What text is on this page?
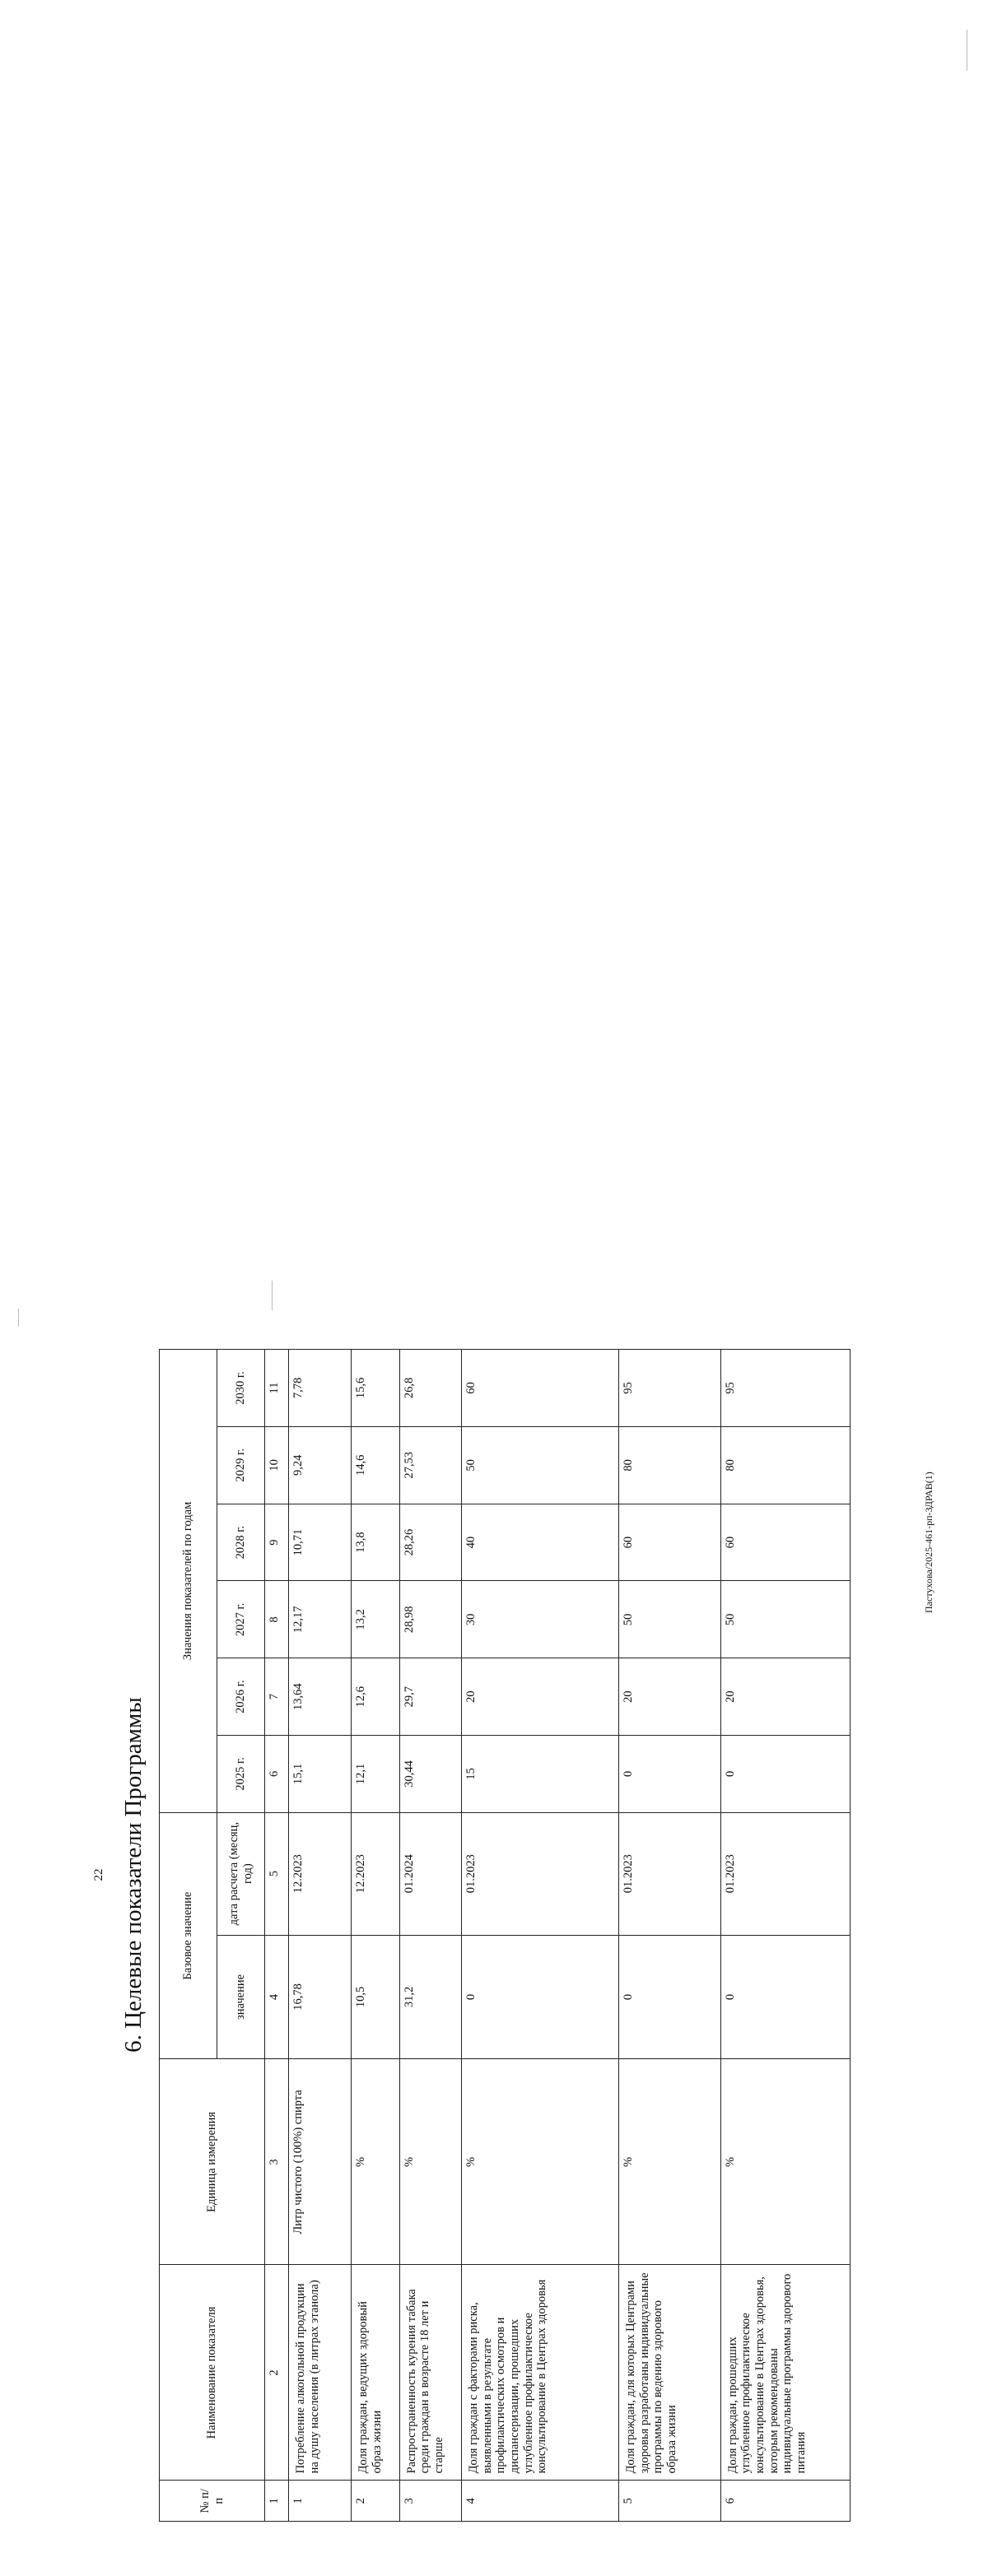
22 6. Целевые показатели Программы
№ п/п	Наименование показателя	Единица измерения	Базовое значение		Значения показателей по годам					
			значение	дата расчета (месяц, год)	2025 г.	2026 г.	2027 г.	2028 г.	2029 г.	2030 г.
1	2	3	4	5	6	7	8	9	10	11
1	Потребление алкогольной продукции на душу населения (в литрах этанола)	Литр чистого (100%) спирта	16,78	12.2023	15,1	13,64	12,17	10,71	9,24	7,78
2	Доля граждан, ведущих здоровый образ жизни	%	10,5	12.2023	12,1	12,6	13,2	13,8	14,6	15,6
3	Распространенность курения табака среди граждан в возрасте 18 лет и старше	%	31,2	01.2024	30,44	29,7	28,98	28,26	27,53	26,8
4	Доля граждан с факторами риска, выявленными в результате профилактических осмотров и диспансеризации, прошедших углубленное профилактическое консультирование в Центрах здоровья	%	0	01.2023	15	20	30	40	50	60
5	Доля граждан, для которых Центрами здоровья разработаны индивидуальные программы по ведению здорового образа жизни	%	0	01.2023	0	20	50	60	80	95
6	Доля граждан, прошедших углубленное профилактическое консультирование в Центрах здоровья, которым рекомендованы индивидуальные программы здорового питания	%	0	01.2023	0	20	50	60	80	95
Пастухова/2025-461-рп-ЗДРАВ(1)
